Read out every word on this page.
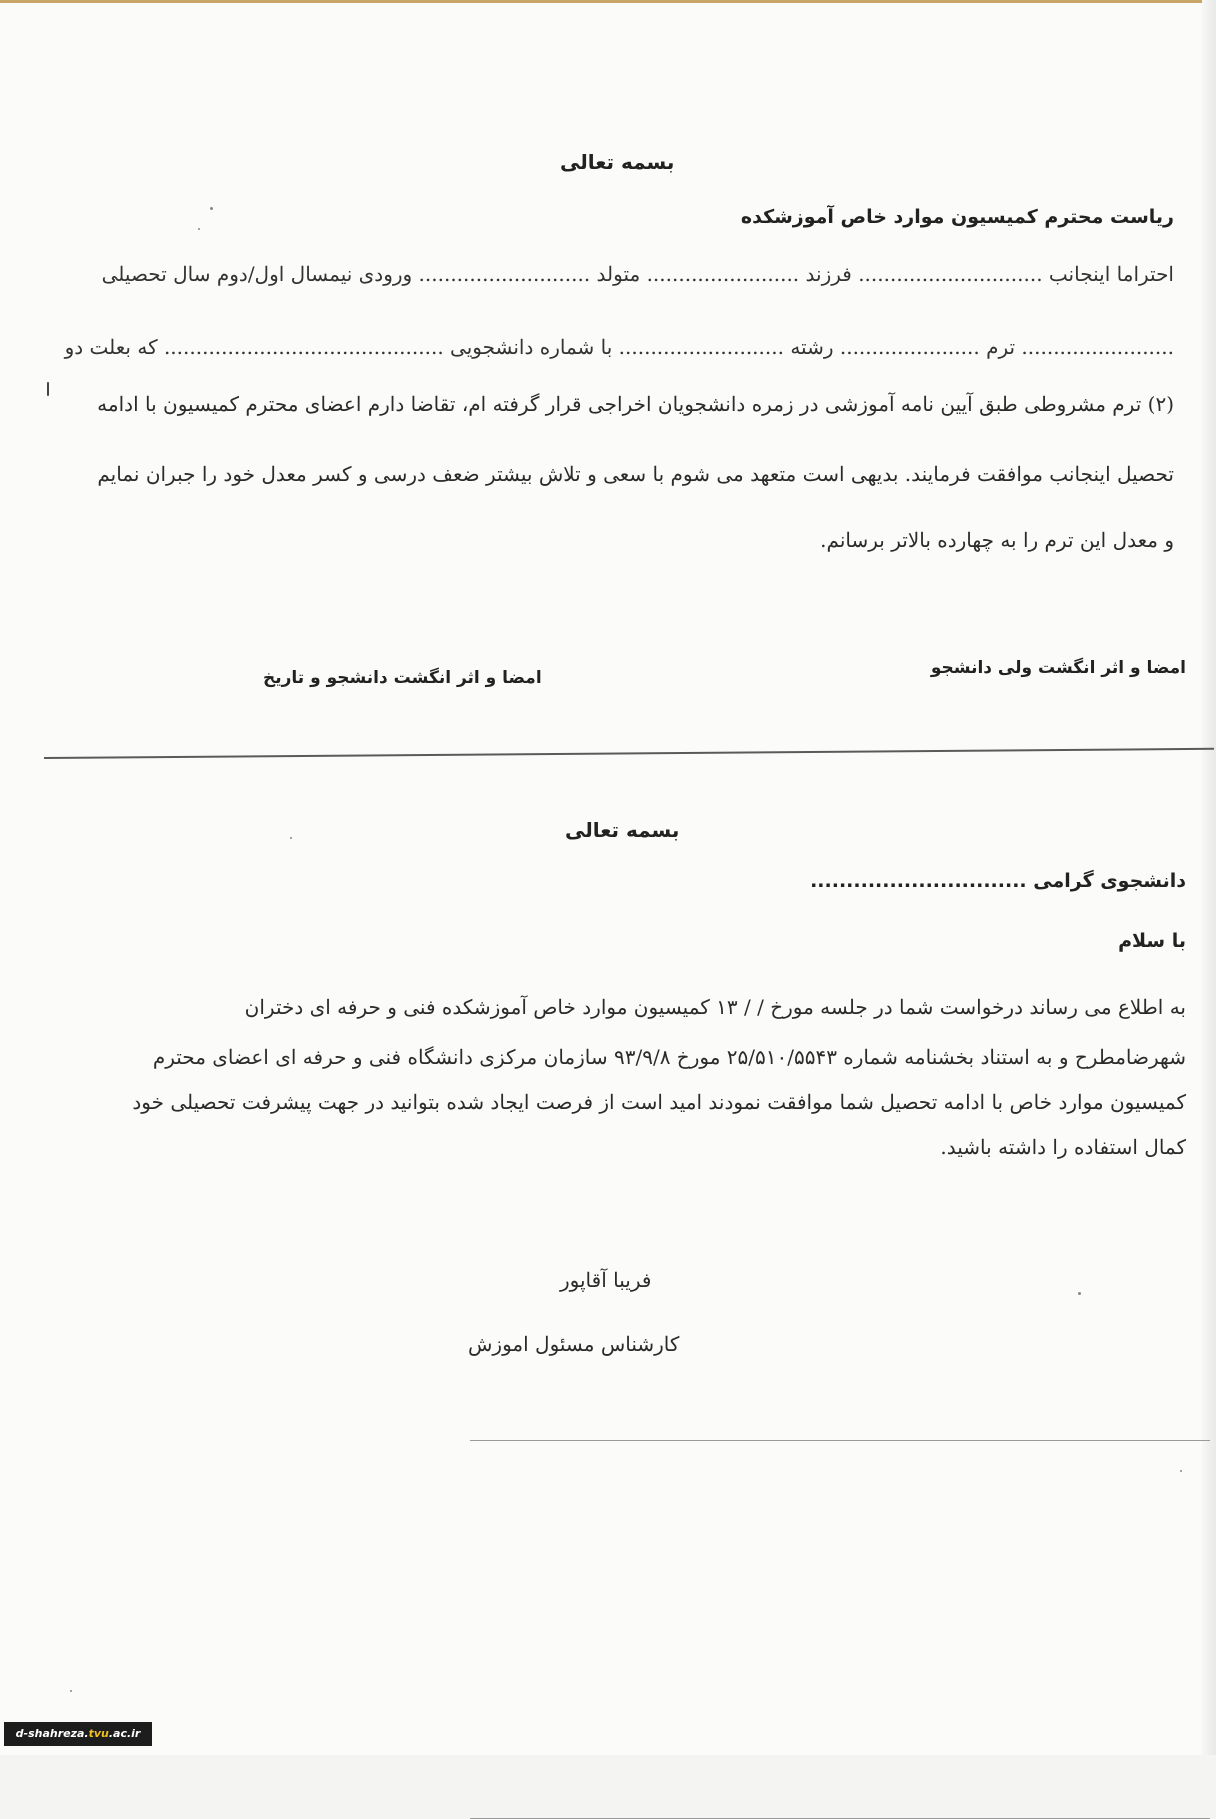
بسمه تعالی
ریاست محترم کمیسیون موارد خاص آموزشکده
احتراما اینجانب ............................. فرزند ........................ متولد ........................... ورودی نیمسال اول/دوم سال تحصیلی
........................ ترم ...................... رشته .......................... با شماره دانشجویی ............................................ که بعلت دو
(۲) ترم مشروطی طبق آیین نامه آموزشی در زمره دانشجویان اخراجی قرار گرفته ام، تقاضا دارم اعضای محترم کمیسیون با ادامه
تحصیل اینجانب موافقت فرمایند. بدیهی است متعهد می شوم با سعی و تلاش بیشتر ضعف درسی و کسر معدل خود را جبران نمایم
و معدل این ترم را به چهارده بالاتر برسانم.
امضا و اثر انگشت ولی دانشجو
امضا و اثر انگشت دانشجو و تاریخ
بسمه تعالی
دانشجوی گرامی ..............................
با سلام
به اطلاع می رساند درخواست شما در جلسه مورخ / / ۱۳ کمیسیون موارد خاص آموزشکده فنی و حرفه ای دختران
شهرضامطرح و به استناد بخشنامه شماره ۲۵/۵۱۰/۵۵۴۳ مورخ ۹۳/۹/۸ سازمان مرکزی دانشگاه فنی و حرفه ای اعضای محترم
کمیسیون موارد خاص با ادامه تحصیل شما موافقت نمودند امید است از فرصت ایجاد شده بتوانید در جهت پیشرفت تحصیلی خود
کمال استفاده را داشته باشید.
فریبا آقاپور
کارشناس مسئول اموزش
d-shahreza.tvu.ac.ir
